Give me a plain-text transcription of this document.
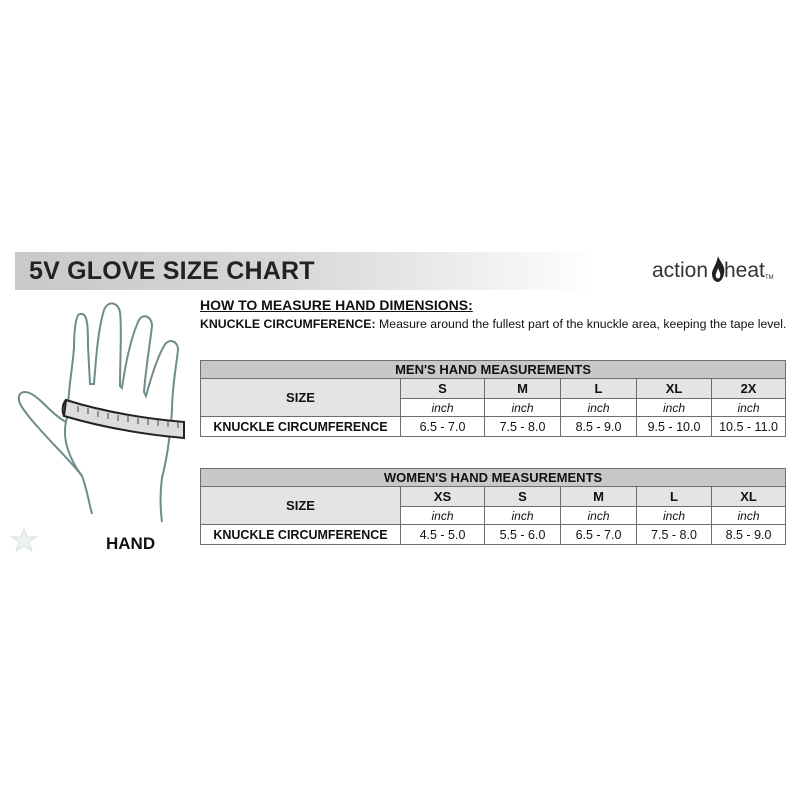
5V GLOVE SIZE CHART	action heat TM
HAND
HOW TO MEASURE HAND DIMENSIONS:
KNUCKLE CIRCUMFERENCE: Measure around the fullest part of the knuckle area, keeping the tape level.
MEN'S HAND MEASUREMENTS					
SIZE	S	M	L	XL	2X
	inch	inch	inch	inch	inch
KNUCKLE CIRCUMFERENCE	6.5 - 7.0	7.5 - 8.0	8.5 - 9.0	9.5 - 10.0	10.5 - 11.0
WOMEN'S HAND MEASUREMENTS					
SIZE	XS	S	M	L	XL
	inch	inch	inch	inch	inch
KNUCKLE CIRCUMFERENCE	4.5 - 5.0	5.5 - 6.0	6.5 - 7.0	7.5 - 8.0	8.5 - 9.0
